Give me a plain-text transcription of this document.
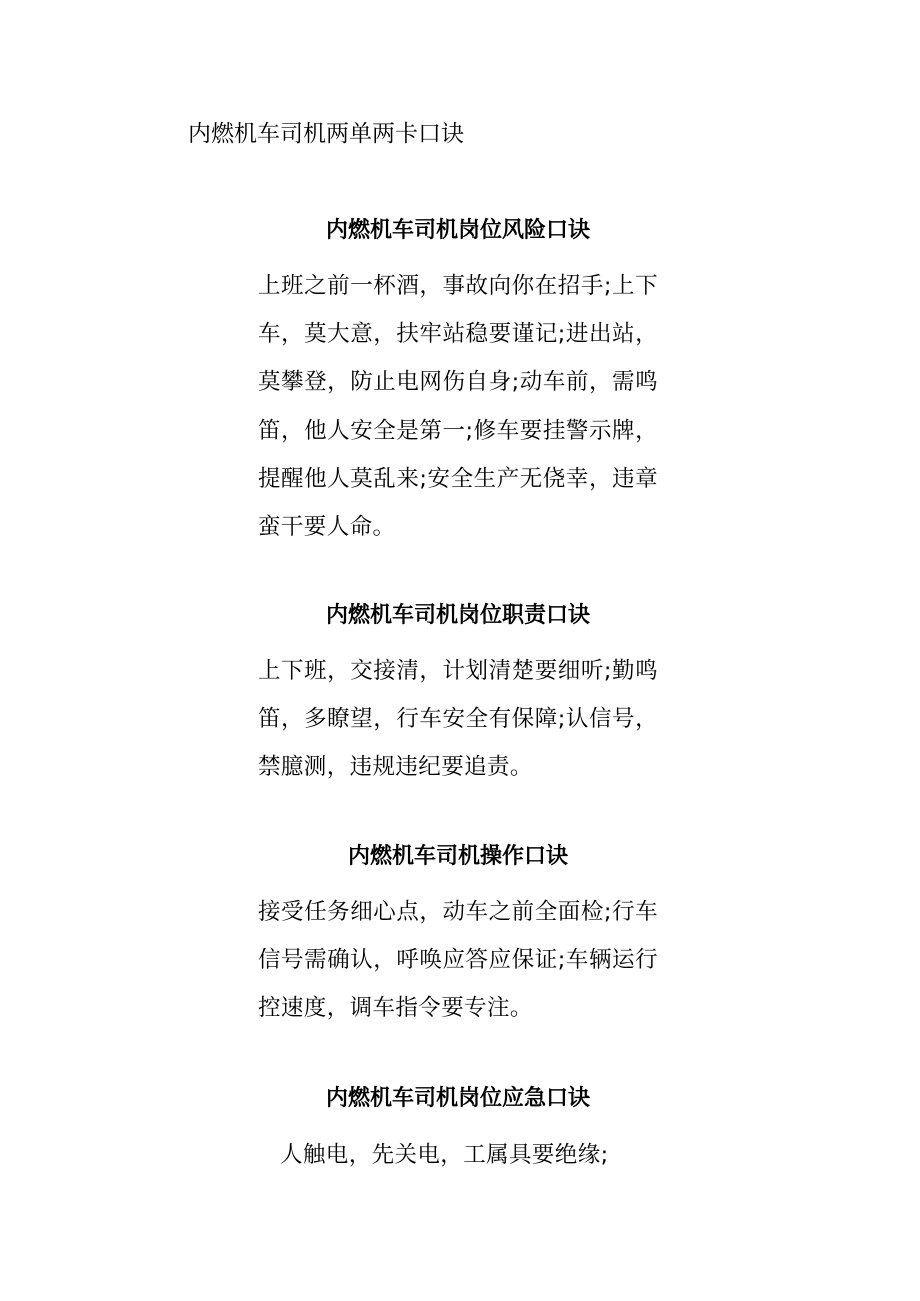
内燃机车司机两单两卡口诀
内燃机车司机岗位风险口诀

上班之前一杯酒，事故向你在招手;上下车，莫大意，扶牢站稳要谨记;进出站，莫攀登，防止电网伤自身;动车前，需鸣笛，他人安全是第一;修车要挂警示牌，提醒他人莫乱来;安全生产无侥幸，违章蛮干要人命。

内燃机车司机岗位职责口诀

上下班，交接清，计划清楚要细听;勤鸣笛，多瞭望，行车安全有保障;认信号，禁臆测，违规违纪要追责。

内燃机车司机操作口诀

接受任务细心点，动车之前全面检;行车信号需确认，呼唤应答应保证;车辆运行控速度，调车指令要专注。

内燃机车司机岗位应急口诀

人触电，先关电，工属具要绝缘;
